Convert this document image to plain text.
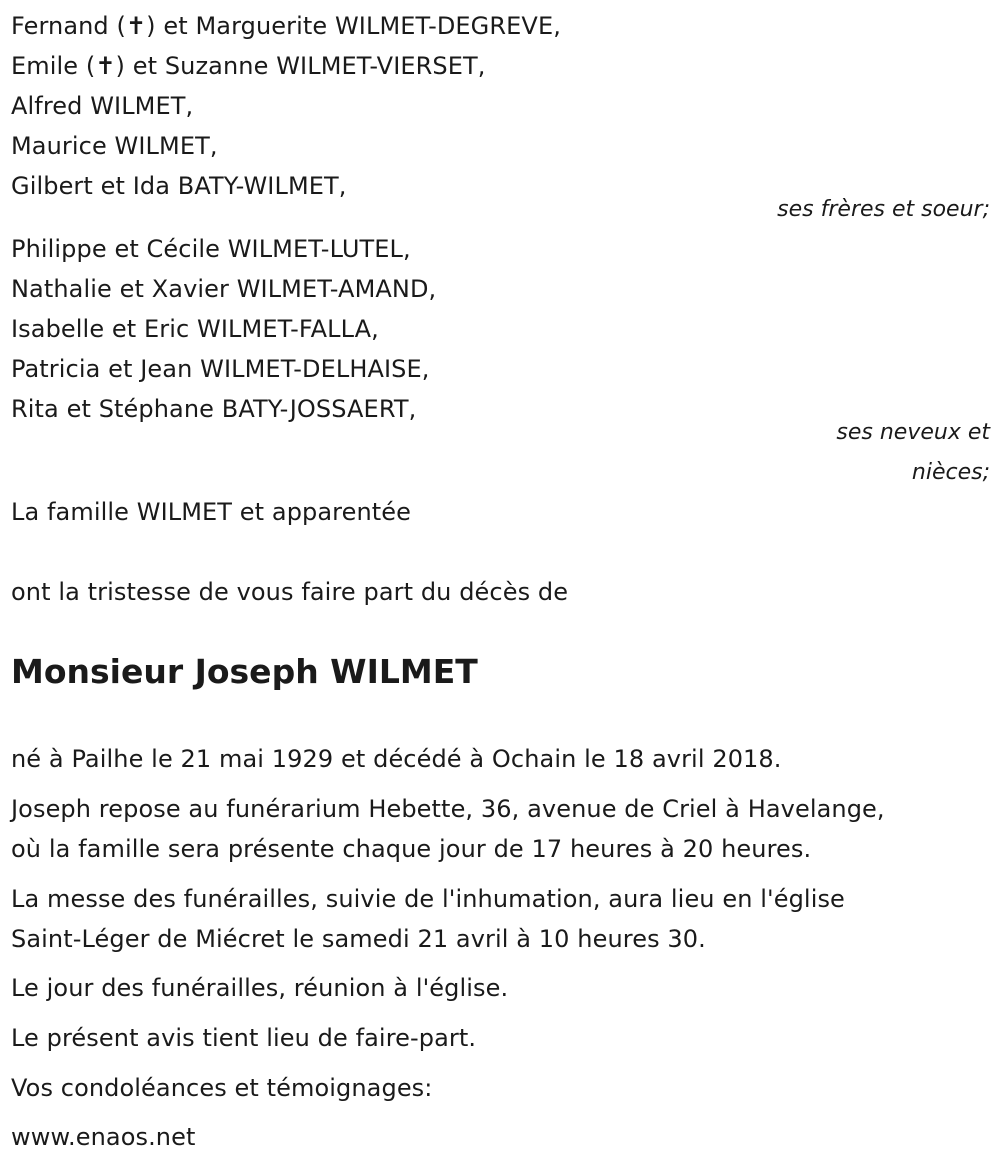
Fernand (✝) et Marguerite WILMET-DEGREVE,
Emile (✝) et Suzanne WILMET-VIERSET,
Alfred WILMET,
Maurice WILMET,
Gilbert et Ida BATY-WILMET,
ses frères et soeur;
Philippe et Cécile WILMET-LUTEL,
Nathalie et Xavier WILMET-AMAND,
Isabelle et Eric WILMET-FALLA,
Patricia et Jean WILMET-DELHAISE,
Rita et Stéphane BATY-JOSSAERT,
ses neveux et
nièces;
La famille WILMET et apparentée
ont la tristesse de vous faire part du décès de
Monsieur Joseph WILMET
né à Pailhe le 21 mai 1929 et décédé à Ochain le 18 avril 2018.
Joseph repose au funérarium Hebette, 36, avenue de Criel à Havelange,
où la famille sera présente chaque jour de 17 heures à 20 heures.
La messe des funérailles, suivie de l'inhumation, aura lieu en l'église
Saint-Léger de Miécret le samedi 21 avril à 10 heures 30.
Le jour des funérailles, réunion à l'église.
Le présent avis tient lieu de faire-part.
Vos condoléances et témoignages:
www.enaos.net
